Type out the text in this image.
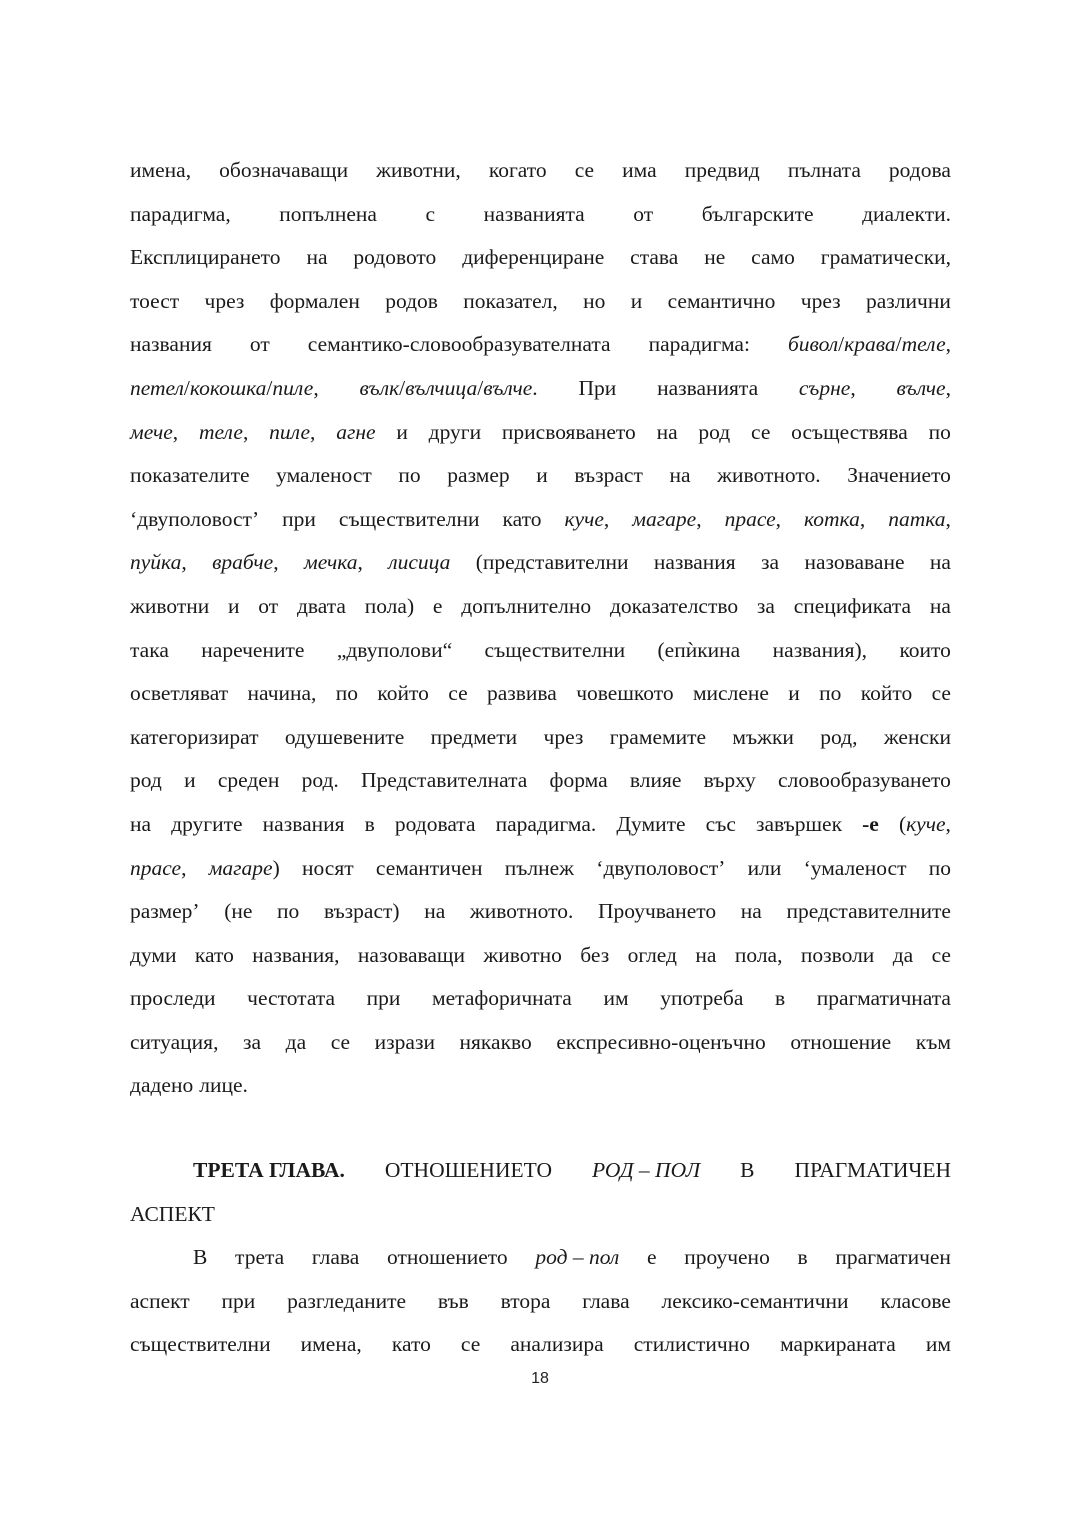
имена, обозначаващи животни, когато се има предвид пълната родова
парадигма, попълнена с названията от българските диалекти.
Експлицирането на родовото диференциране става не само граматически,
тоест чрез формален родов показател, но и семантично чрез различни
названия от семантико-словообразувателната парадигма: бивол/крава/теле,
петел/кокошка/пиле, вълк/вълчица/вълче. При названията сърне, вълче,
мече, теле, пиле, агне и други присвояването на род се осъществява по
показателите умаленост по размер и възраст на животното. Значението
‘двуполовост’ при съществителни като куче, магаре, прасе, котка, патка,
пуйка, врабче, мечка, лисица (представителни названия за назоваване на
животни и от двата пола) е допълнително доказателство за спецификата на
така наречените „двуполови“ съществителни (епѝкина названия), които
осветляват начина, по който се развива човешкото мислене и по който се
категоризират одушевените предмети чрез грамемите мъжки род, женски
род и среден род. Представителната форма влияе върху словообразуването
на другите названия в родовата парадигма. Думите със завършек -е (куче,
прасе, магаре) носят семантичен пълнеж ‘двуполовост’ или ‘умаленост по
размер’ (не по възраст) на животното. Проучването на представителните
думи като названия, назоваващи животно без оглед на пола, позволи да се
проследи честотата при метафоричната им употреба в прагматичната
ситуация, за да се изрази някакво експресивно-оценъчно отношение към
дадено лице.
ТРЕТА ГЛАВА. ОТНОШЕНИЕТО РОД – ПОЛ В ПРАГМАТИЧЕН
АСПЕКТ
В трета глава отношението род – пол е проучено в прагматичен
аспект при разгледаните във втора глава лексико-семантични класове
съществителни имена, като се анализира стилистично маркираната им
18
